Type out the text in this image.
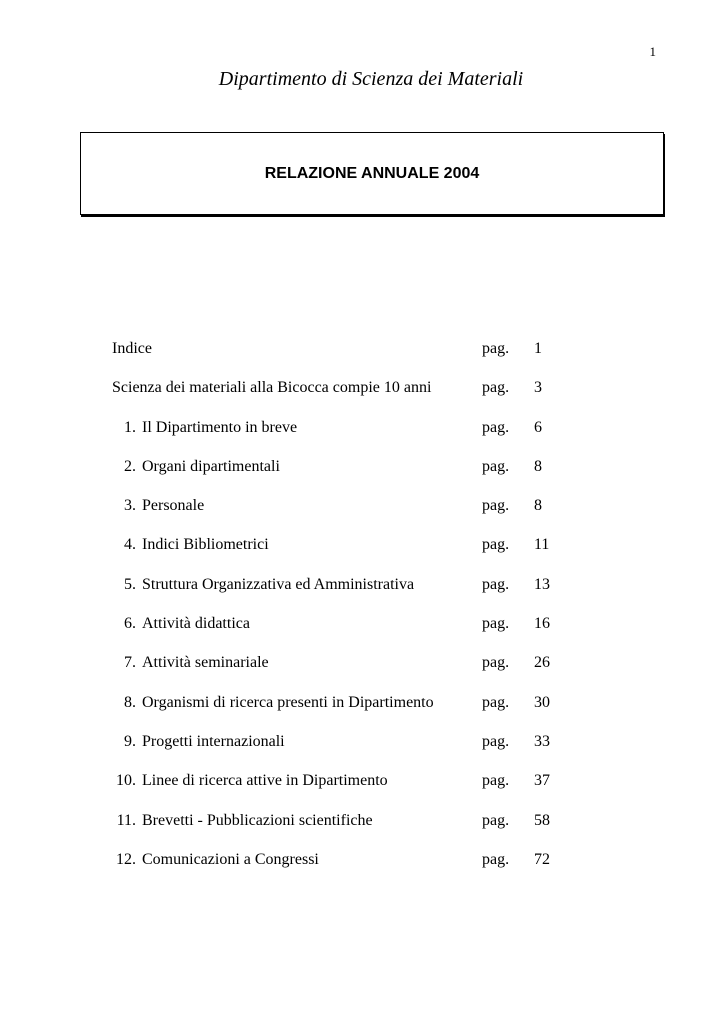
1
Dipartimento di Scienza dei Materiali
RELAZIONE ANNUALE 2004
Indice	pag. 1
Scienza dei materiali alla Bicocca compie 10 anni	pag. 3
1. Il Dipartimento in breve	pag. 6
2. Organi dipartimentali	pag. 8
3. Personale	pag. 8
4. Indici Bibliometrici	pag. 11
5. Struttura Organizzativa ed Amministrativa	pag. 13
6. Attività didattica	pag. 16
7. Attività seminariale	pag. 26
8. Organismi di ricerca presenti in Dipartimento	pag. 30
9. Progetti internazionali	pag. 33
10. Linee di ricerca attive in Dipartimento	pag. 37
11. Brevetti - Pubblicazioni scientifiche	pag. 58
12. Comunicazioni a Congressi	pag. 72
